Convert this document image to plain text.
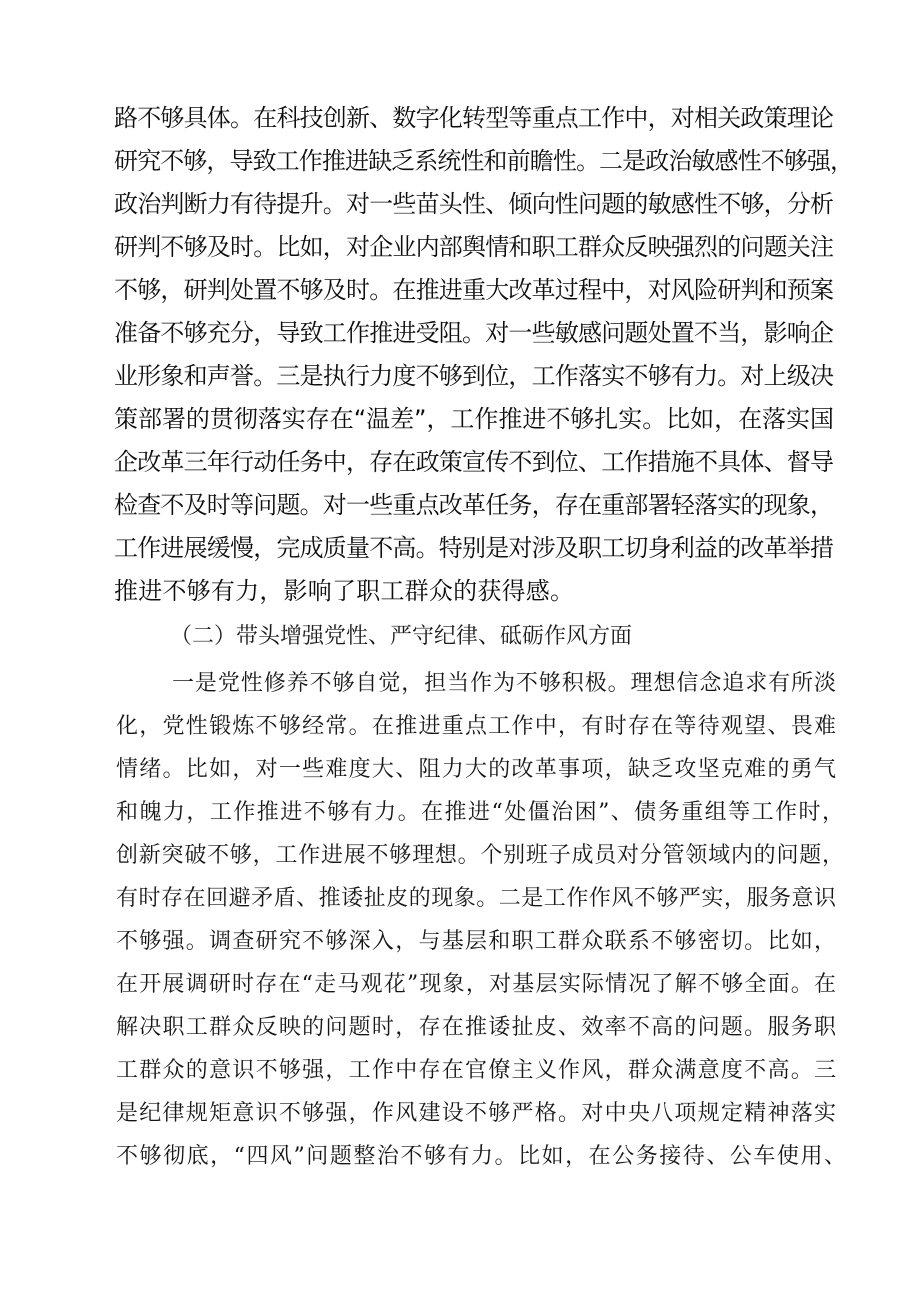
路不够具体。在科技创新、数字化转型等重点工作中，对相关政策理论
研究不够，导致工作推进缺乏系统性和前瞻性。二是政治敏感性不够强，
政治判断力有待提升。对一些苗头性、倾向性问题的敏感性不够，分析
研判不够及时。比如，对企业内部舆情和职工群众反映强烈的问题关注
不够，研判处置不够及时。在推进重大改革过程中，对风险研判和预案
准备不够充分，导致工作推进受阻。对一些敏感问题处置不当，影响企
业形象和声誉。三是执行力度不够到位，工作落实不够有力。对上级决
策部署的贯彻落实存在“温差”，工作推进不够扎实。比如，在落实国
企改革三年行动任务中，存在政策宣传不到位、工作措施不具体、督导
检查不及时等问题。对一些重点改革任务，存在重部署轻落实的现象，
工作进展缓慢，完成质量不高。特别是对涉及职工切身利益的改革举措
推进不够有力，影响了职工群众的获得感。
（二）带头增强党性、严守纪律、砥砺作风方面
一是党性修养不够自觉，担当作为不够积极。理想信念追求有所淡
化，党性锻炼不够经常。在推进重点工作中，有时存在等待观望、畏难
情绪。比如，对一些难度大、阻力大的改革事项，缺乏攻坚克难的勇气
和魄力，工作推进不够有力。在推进“处僵治困”、债务重组等工作时，
创新突破不够，工作进展不够理想。个别班子成员对分管领域内的问题，
有时存在回避矛盾、推诿扯皮的现象。二是工作作风不够严实，服务意识
不够强。调查研究不够深入，与基层和职工群众联系不够密切。比如，
在开展调研时存在“走马观花”现象，对基层实际情况了解不够全面。在
解决职工群众反映的问题时，存在推诿扯皮、效率不高的问题。服务职
工群众的意识不够强，工作中存在官僚主义作风，群众满意度不高。三
是纪律规矩意识不够强，作风建设不够严格。对中央八项规定精神落实
不够彻底，“四风”问题整治不够有力。比如，在公务接待、公车使用、
